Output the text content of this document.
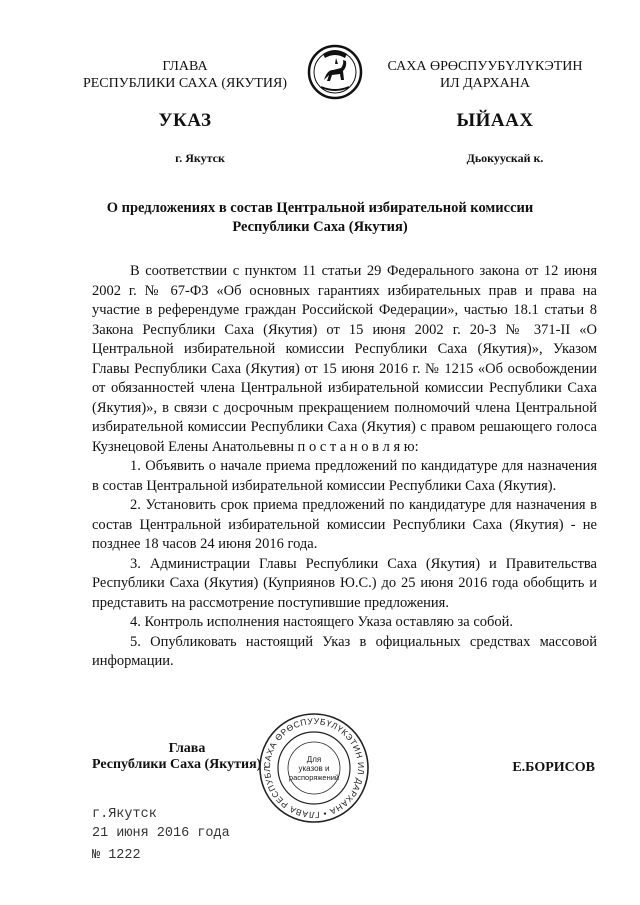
ГЛАВА
РЕСПУБЛИКИ САХА (ЯКУТИЯ)
САХА ӨРӨСПУУБҮЛҮКЭТИН
ИЛ ДАРХАНА
УКАЗ	ЫЙААХ
г. Якутск	Дьокуускай к.
О предложениях в состав Центральной избирательной комиссии
Республики Саха (Якутия)

В соответствии с пунктом 11 статьи 29 Федерального закона от 12 июня 2002 г. № 67-ФЗ «Об основных гарантиях избирательных прав и права на участие в референдуме граждан Российской Федерации», частью 18.1 статьи 8 Закона Республики Саха (Якутия) от 15 июня 2002 г. 20-З № 371-II «О Центральной избирательной комиссии Республики Саха (Якутия)», Указом Главы Республики Саха (Якутия) от 15 июня 2016 г. № 1215 «Об освобождении от обязанностей члена Центральной избирательной комиссии Республики Саха (Якутия)», в связи с досрочным прекращением полномочий члена Центральной избирательной комиссии Республики Саха (Якутия) с правом решающего голоса Кузнецовой Елены Анатольевны п о с т а н о в л я ю:

1. Объявить о начале приема предложений по кандидатуре для назначения в состав Центральной избирательной комиссии Республики Саха (Якутия).

2. Установить срок приема предложений по кандидатуре для назначения в состав Центральной избирательной комиссии Республики Саха (Якутия) - не позднее 18 часов 24 июня 2016 года.

3. Администрации Главы Республики Саха (Якутия) и Правительства Республики Саха (Якутия) (Куприянов Ю.С.) до 25 июня 2016 года обобщить и представить на рассмотрение поступившие предложения.

4. Контроль исполнения настоящего Указа оставляю за собой.

5. Опубликовать настоящий Указ в официальных средствах массовой информации.

Глава
Республики Саха (Якутия)	Е.БОРИСОВ
САХА ӨРӨСПУУБҮЛҮКЭТИН ИЛ ДАРХАНА • ГЛАВА РЕСПУБЛ
Для
указов и
распоряжений
г.Якутск
21 июня 2016 года
№ 1222
